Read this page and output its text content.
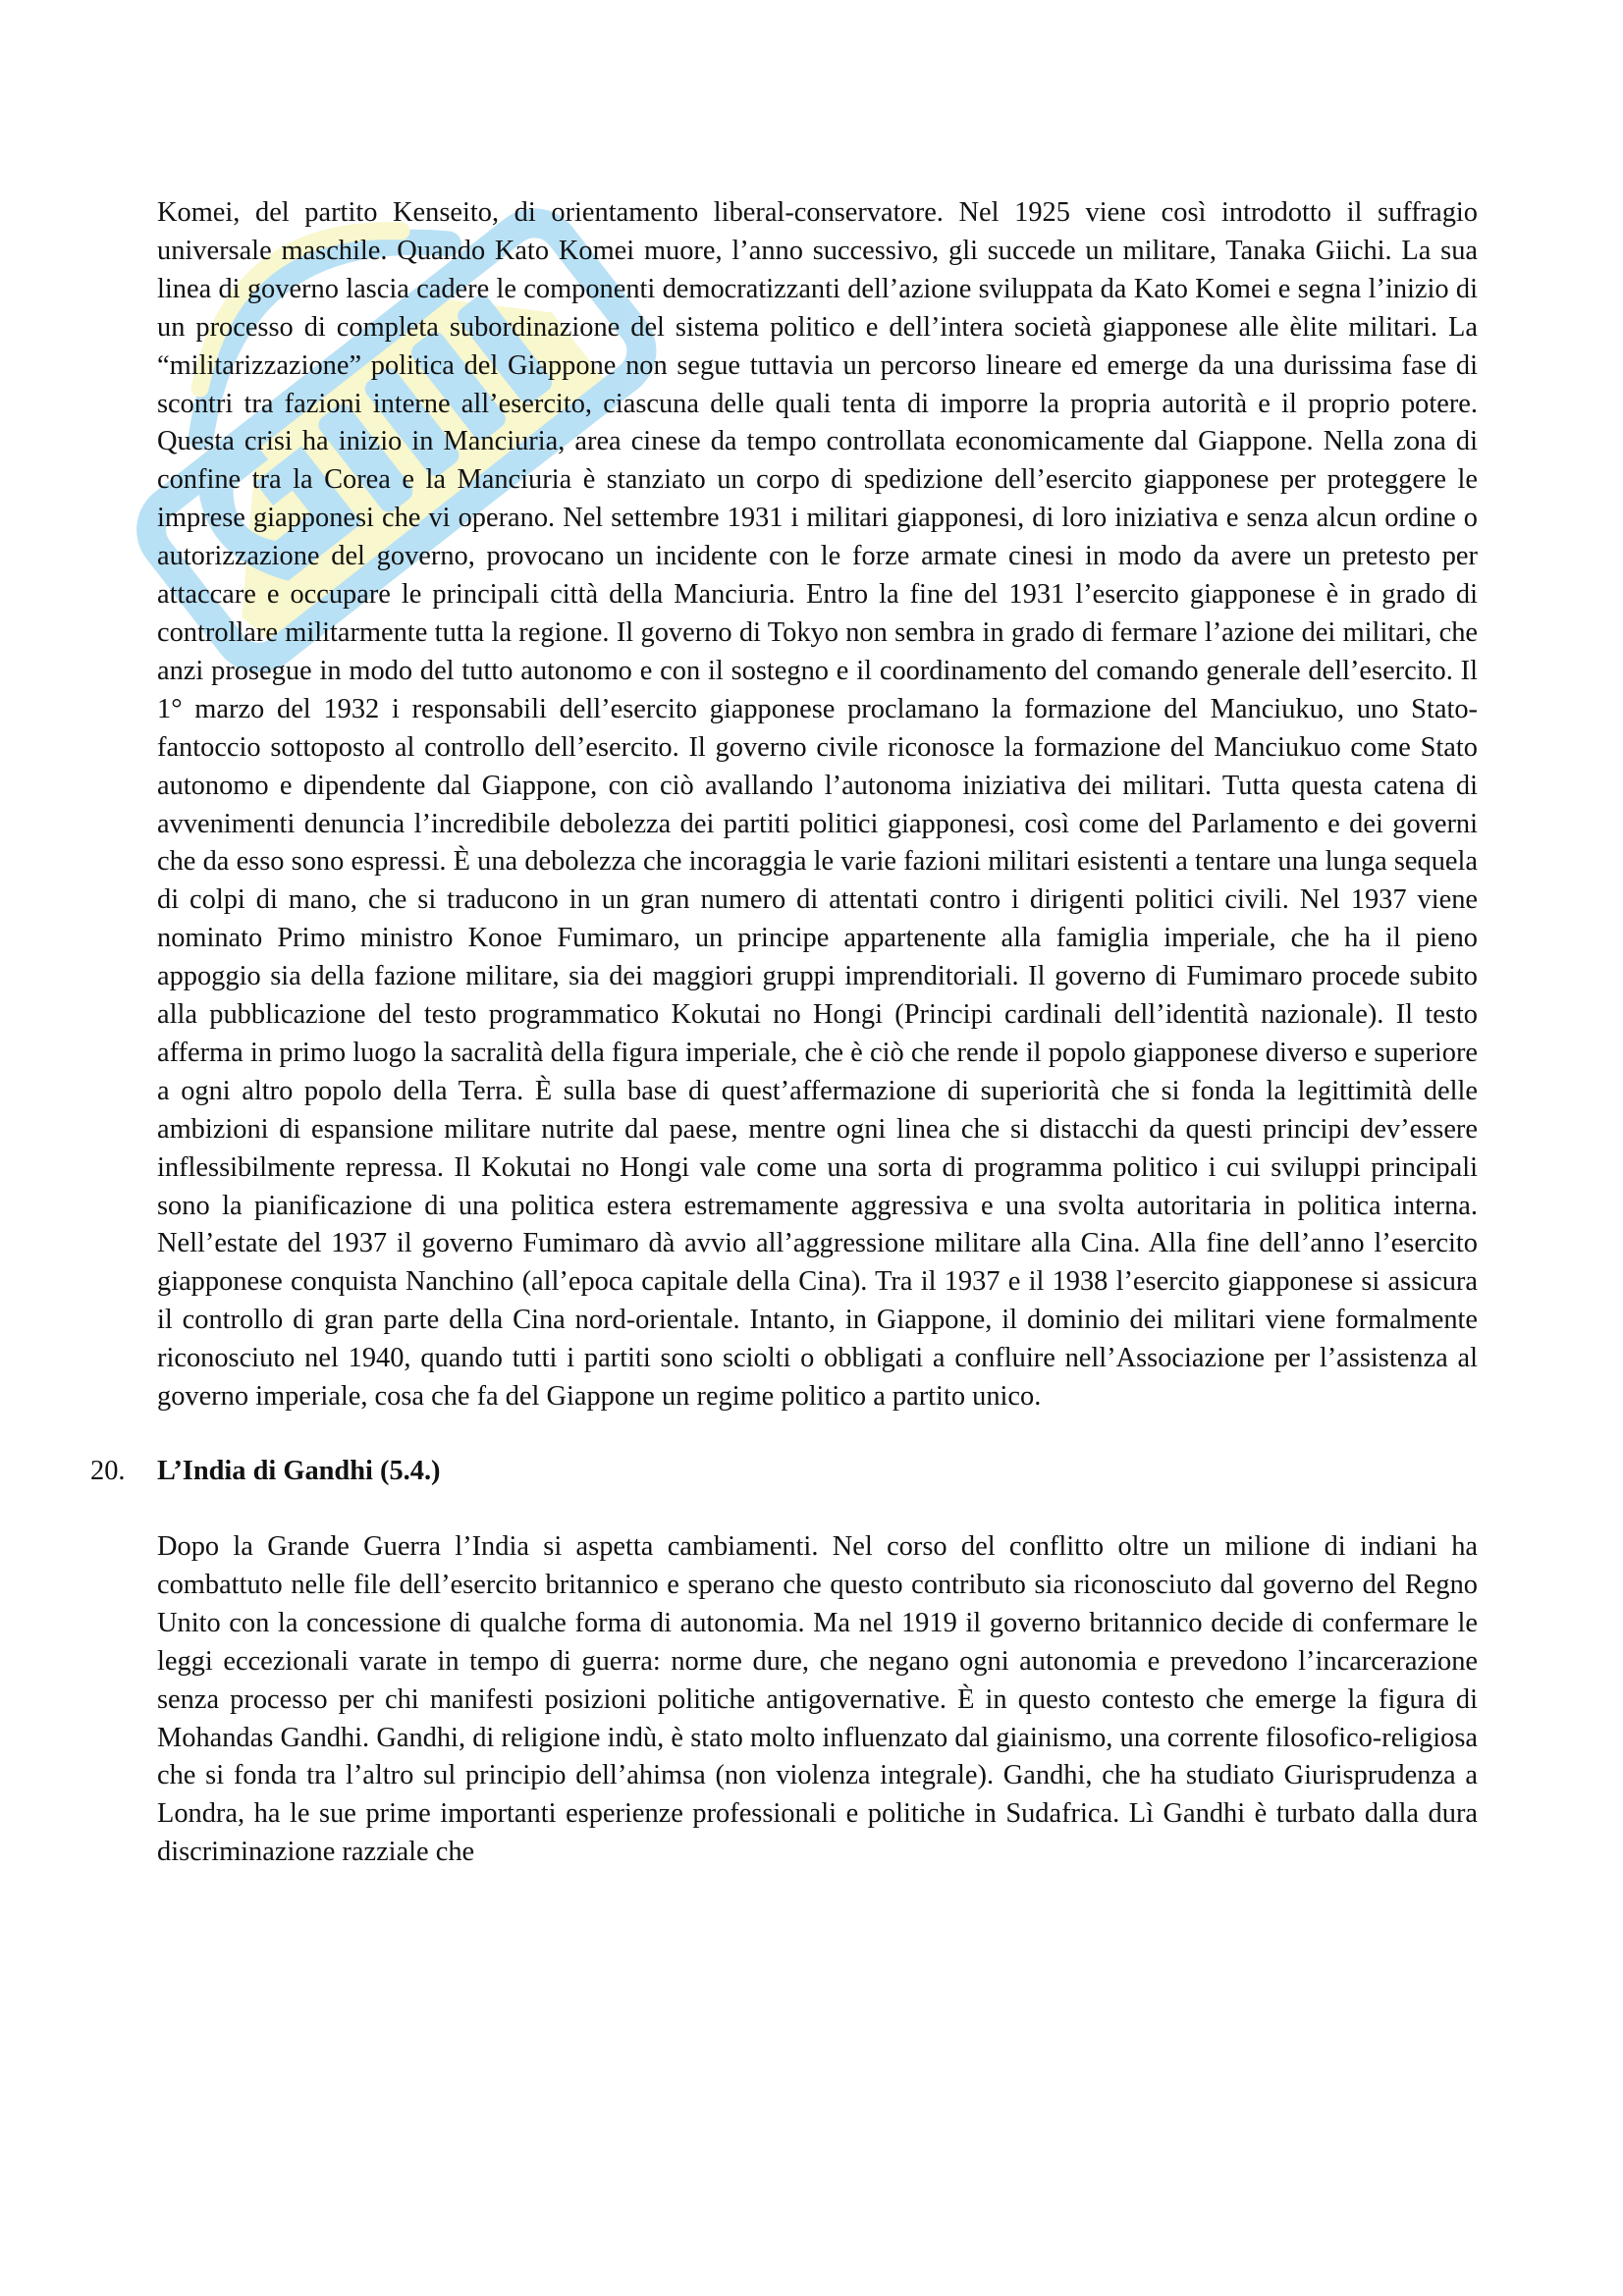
Komei, del partito Kenseito, di orientamento liberal-conservatore. Nel 1925 viene così introdotto il suffragio universale maschile. Quando Kato Komei muore, l’anno successivo, gli succede un militare, Tanaka Giichi. La sua linea di governo lascia cadere le componenti democratizzanti dell’azione sviluppata da Kato Komei e segna l’inizio di un processo di completa subordinazione del sistema politico e dell’intera società giapponese alle èlite militari. La “militarizzazione” politica del Giappone non segue tuttavia un percorso lineare ed emerge da una durissima fase di scontri tra fazioni interne all’esercito, ciascuna delle quali tenta di imporre la propria autorità e il proprio potere. Questa crisi ha inizio in Manciuria, area cinese da tempo controllata economicamente dal Giappone. Nella zona di confine tra la Corea e la Manciuria è stanziato un corpo di spedizione dell’esercito giapponese per proteggere le imprese giapponesi che vi operano. Nel settembre 1931 i militari giapponesi, di loro iniziativa e senza alcun ordine o autorizzazione del governo, provocano un incidente con le forze armate cinesi in modo da avere un pretesto per attaccare e occupare le principali città della Manciuria. Entro la fine del 1931 l’esercito giapponese è in grado di controllare militarmente tutta la regione. Il governo di Tokyo non sembra in grado di fermare l’azione dei militari, che anzi prosegue in modo del tutto autonomo e con il sostegno e il coordinamento del comando generale dell’esercito. Il 1° marzo del 1932 i responsabili dell’esercito giapponese proclamano la formazione del Manciukuo, uno Stato-fantoccio sottoposto al controllo dell’esercito. Il governo civile riconosce la formazione del Manciukuo come Stato autonomo e dipendente dal Giappone, con ciò avallando l’autonoma iniziativa dei militari. Tutta questa catena di avvenimenti denuncia l’incredibile debolezza dei partiti politici giapponesi, così come del Parlamento e dei governi che da esso sono espressi. È una debolezza che incoraggia le varie fazioni militari esistenti a tentare una lunga sequela di colpi di mano, che si traducono in un gran numero di attentati contro i dirigenti politici civili. Nel 1937 viene nominato Primo ministro Konoe Fumimaro, un principe appartenente alla famiglia imperiale, che ha il pieno appoggio sia della fazione militare, sia dei maggiori gruppi imprenditoriali. Il governo di Fumimaro procede subito alla pubblicazione del testo programmatico Kokutai no Hongi (Principi cardinali dell’identità nazionale). Il testo afferma in primo luogo la sacralità della figura imperiale, che è ciò che rende il popolo giapponese diverso e superiore a ogni altro popolo della Terra. È sulla base di quest’affermazione di superiorità che si fonda la legittimità delle ambizioni di espansione militare nutrite dal paese, mentre ogni linea che si distacchi da questi principi dev’essere inflessibilmente repressa. Il Kokutai no Hongi vale come una sorta di programma politico i cui sviluppi principali sono la pianificazione di una politica estera estremamente aggressiva e una svolta autoritaria in politica interna. Nell’estate del 1937 il governo Fumimaro dà avvio all’aggressione militare alla Cina. Alla fine dell’anno l’esercito giapponese conquista Nanchino (all’epoca capitale della Cina). Tra il 1937 e il 1938 l’esercito giapponese si assicura il controllo di gran parte della Cina nord-orientale. Intanto, in Giappone, il dominio dei militari viene formalmente riconosciuto nel 1940, quando tutti i partiti sono sciolti o obbligati a confluire nell’Associazione per l’assistenza al governo imperiale, cosa che fa del Giappone un regime politico a partito unico.

20. L’India di Gandhi (5.4.)

Dopo la Grande Guerra l’India si aspetta cambiamenti. Nel corso del conflitto oltre un milione di indiani ha combattuto nelle file dell’esercito britannico e sperano che questo contributo sia riconosciuto dal governo del Regno Unito con la concessione di qualche forma di autonomia. Ma nel 1919 il governo britannico decide di confermare le leggi eccezionali varate in tempo di guerra: norme dure, che negano ogni autonomia e prevedono l’incarcerazione senza processo per chi manifesti posizioni politiche antigovernative. È in questo contesto che emerge la figura di Mohandas Gandhi. Gandhi, di religione indù, è stato molto influenzato dal giainismo, una corrente filosofico-religiosa che si fonda tra l’altro sul principio dell’ahimsa (non violenza integrale). Gandhi, che ha studiato Giurisprudenza a Londra, ha le sue prime importanti esperienze professionali e politiche in Sudafrica. Lì Gandhi è turbato dalla dura discriminazione razziale che
